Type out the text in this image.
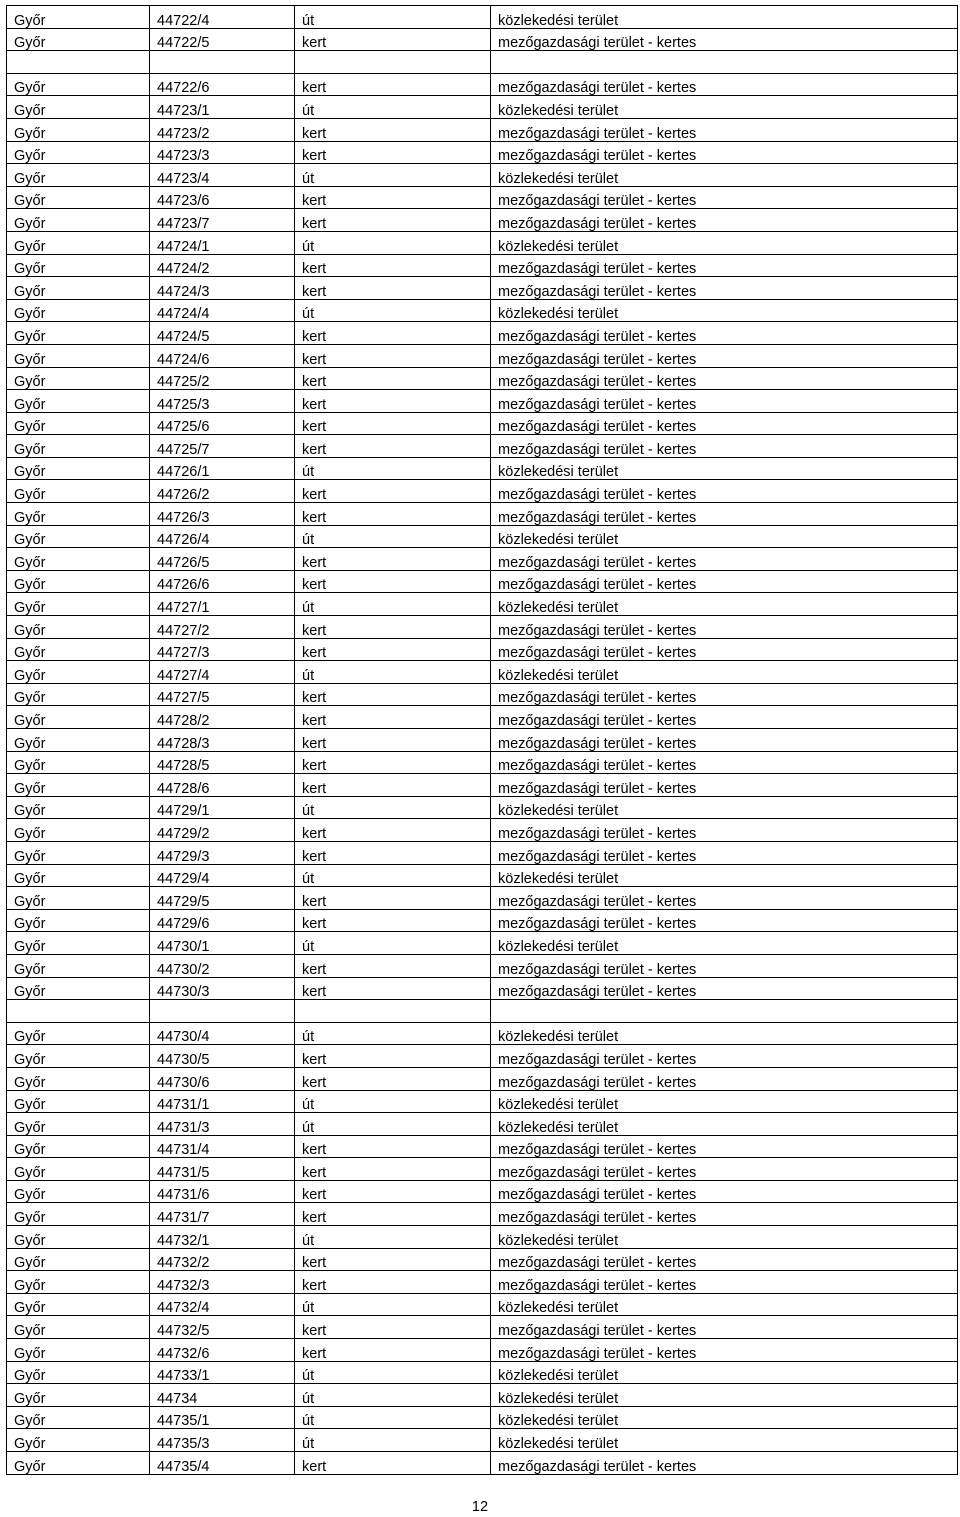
Győr	44722/4	út	közlekedési terület
Győr	44722/5	kert	mezőgazdasági terület - kertes

Győr	44722/6	kert	mezőgazdasági terület - kertes
Győr	44723/1	út	közlekedési terület
Győr	44723/2	kert	mezőgazdasági terület - kertes
Győr	44723/3	kert	mezőgazdasági terület - kertes
Győr	44723/4	út	közlekedési terület
Győr	44723/6	kert	mezőgazdasági terület - kertes
Győr	44723/7	kert	mezőgazdasági terület - kertes
Győr	44724/1	út	közlekedési terület
Győr	44724/2	kert	mezőgazdasági terület - kertes
Győr	44724/3	kert	mezőgazdasági terület - kertes
Győr	44724/4	út	közlekedési terület
Győr	44724/5	kert	mezőgazdasági terület - kertes
Győr	44724/6	kert	mezőgazdasági terület - kertes
Győr	44725/2	kert	mezőgazdasági terület - kertes
Győr	44725/3	kert	mezőgazdasági terület - kertes
Győr	44725/6	kert	mezőgazdasági terület - kertes
Győr	44725/7	kert	mezőgazdasági terület - kertes
Győr	44726/1	út	közlekedési terület
Győr	44726/2	kert	mezőgazdasági terület - kertes
Győr	44726/3	kert	mezőgazdasági terület - kertes
Győr	44726/4	út	közlekedési terület
Győr	44726/5	kert	mezőgazdasági terület - kertes
Győr	44726/6	kert	mezőgazdasági terület - kertes
Győr	44727/1	út	közlekedési terület
Győr	44727/2	kert	mezőgazdasági terület - kertes
Győr	44727/3	kert	mezőgazdasági terület - kertes
Győr	44727/4	út	közlekedési terület
Győr	44727/5	kert	mezőgazdasági terület - kertes
Győr	44728/2	kert	mezőgazdasági terület - kertes
Győr	44728/3	kert	mezőgazdasági terület - kertes
Győr	44728/5	kert	mezőgazdasági terület - kertes
Győr	44728/6	kert	mezőgazdasági terület - kertes
Győr	44729/1	út	közlekedési terület
Győr	44729/2	kert	mezőgazdasági terület - kertes
Győr	44729/3	kert	mezőgazdasági terület - kertes
Győr	44729/4	út	közlekedési terület
Győr	44729/5	kert	mezőgazdasági terület - kertes
Győr	44729/6	kert	mezőgazdasági terület - kertes
Győr	44730/1	út	közlekedési terület
Győr	44730/2	kert	mezőgazdasági terület - kertes
Győr	44730/3	kert	mezőgazdasági terület - kertes

Győr	44730/4	út	közlekedési terület
Győr	44730/5	kert	mezőgazdasági terület - kertes
Győr	44730/6	kert	mezőgazdasági terület - kertes
Győr	44731/1	út	közlekedési terület
Győr	44731/3	út	közlekedési terület
Győr	44731/4	kert	mezőgazdasági terület - kertes
Győr	44731/5	kert	mezőgazdasági terület - kertes
Győr	44731/6	kert	mezőgazdasági terület - kertes
Győr	44731/7	kert	mezőgazdasági terület - kertes
Győr	44732/1	út	közlekedési terület
Győr	44732/2	kert	mezőgazdasági terület - kertes
Győr	44732/3	kert	mezőgazdasági terület - kertes
Győr	44732/4	út	közlekedési terület
Győr	44732/5	kert	mezőgazdasági terület - kertes
Győr	44732/6	kert	mezőgazdasági terület - kertes
Győr	44733/1	út	közlekedési terület
Győr	44734	út	közlekedési terület
Győr	44735/1	út	közlekedési terület
Győr	44735/3	út	közlekedési terület
Győr	44735/4	kert	mezőgazdasági terület - kertes
12
